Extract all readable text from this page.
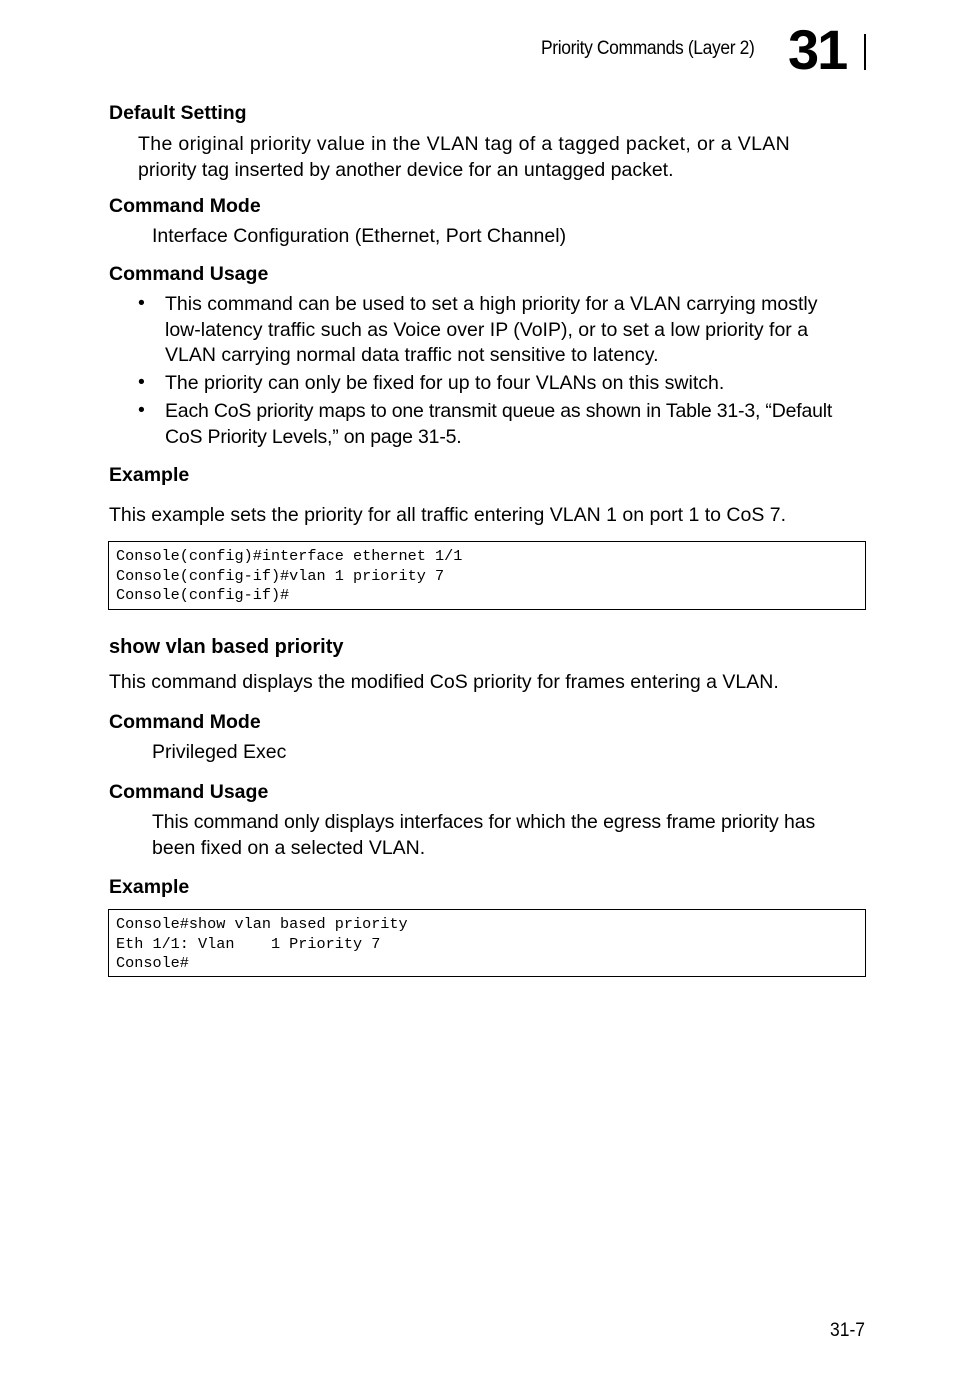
Priority Commands (Layer 2) 31
Default Setting
The original priority value in the VLAN tag of a tagged packet, or a VLAN
priority tag inserted by another device for an untagged packet.
Command Mode
Interface Configuration (Ethernet, Port Channel)
Command Usage
• This command can be used to set a high priority for a VLAN carrying mostly
low-latency traffic such as Voice over IP (VoIP), or to set a low priority for a
VLAN carrying normal data traffic not sensitive to latency.
• The priority can only be fixed for up to four VLANs on this switch.
• Each CoS priority maps to one transmit queue as shown in Table 31-3, “Default
CoS Priority Levels,” on page 31-5.
Example
This example sets the priority for all traffic entering VLAN 1 on port 1 to CoS 7.
Console(config)#interface ethernet 1/1
Console(config-if)#vlan 1 priority 7
Console(config-if)#
show vlan based priority
This command displays the modified CoS priority for frames entering a VLAN.
Command Mode
Privileged Exec
Command Usage
This command only displays interfaces for which the egress frame priority has
been fixed on a selected VLAN.
Example
Console#show vlan based priority
Eth 1/1: Vlan    1 Priority 7
Console#
31-7
